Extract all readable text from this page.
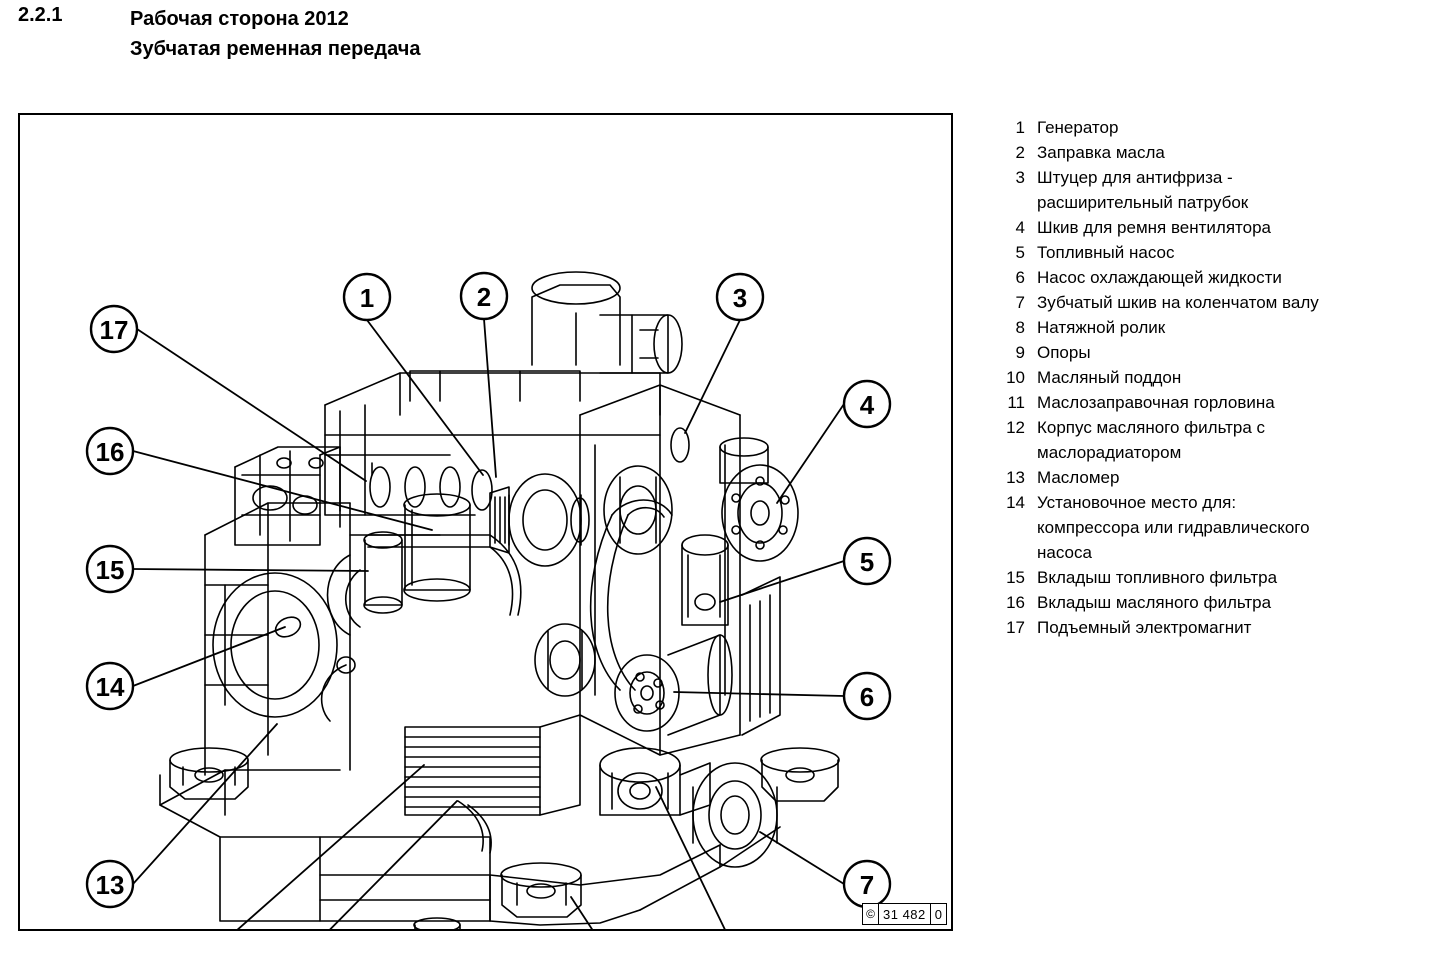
2.2.1	Рабочая сторона 2012
Зубчатая ременная передача
1	2	3
4
5
6
7
13
14
15
16
17
© 31 482 0
1 Генератор
2 Заправка масла
3 Штуцер для антифриза -
расширительный патрубок
4 Шкив для ремня вентилятора
5 Топливный насос
6 Насос охлаждающей жидкости
7 Зубчатый шкив на коленчатом валу
8 Натяжной ролик
9 Опоры
10 Масляный поддон
11 Маслозаправочная горловина
12 Корпус масляного фильтра с
маслорадиатором
13 Масломер
14 Установочное место для:
компрессора или гидравлического
насоса
15 Вкладыш топливного фильтра
16 Вкладыш масляного фильтра
17 Подъемный электромагнит
